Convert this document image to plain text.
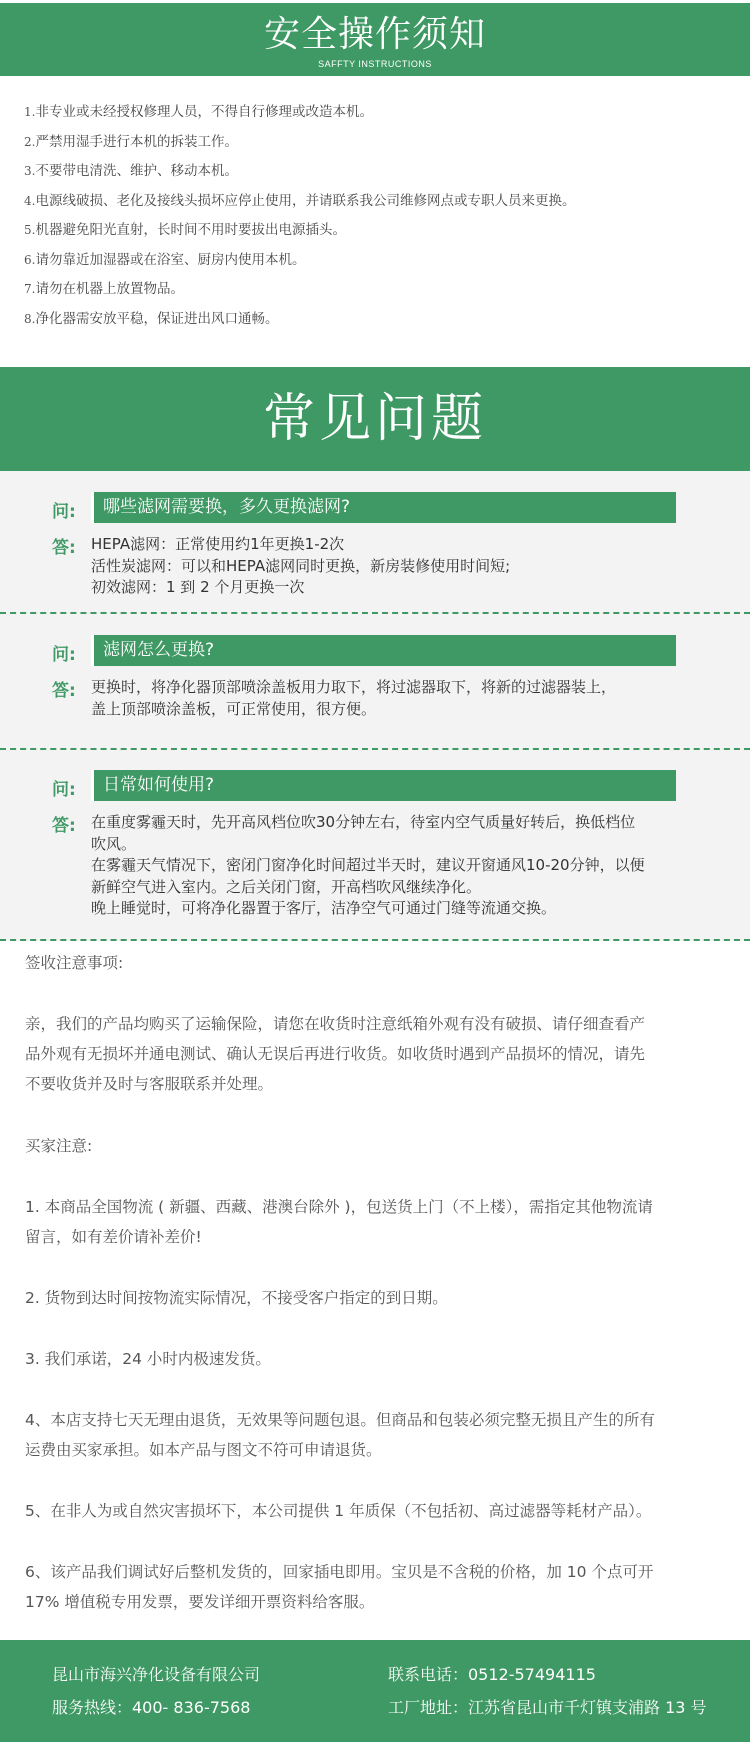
安全操作须知
SAFFTY INSTRUCTIONS
1.非专业或未经授权修理人员，不得自行修理或改造本机。
2.严禁用湿手进行本机的拆装工作。
3.不要带电清洗、维护、移动本机。
4.电源线破损、老化及接线头损坏应停止使用，并请联系我公司维修网点或专职人员来更换。
5.机器避免阳光直射，长时间不用时要拔出电源插头。
6.请勿靠近加湿器或在浴室、厨房内使用本机。
7.请勿在机器上放置物品。
8.净化器需安放平稳，保证进出风口通畅。
常见问题
问:	哪些滤网需要换，多久更换滤网?
答: HEPA滤网：正常使用约1年更换1-2次

活性炭滤网：可以和HEPA滤网同时更换，新房装修使用时间短;

初效滤网：1 到 2 个月更换一次

问:	滤网怎么更换?
答: 更换时，将净化器顶部喷涂盖板用力取下，将过滤器取下，将新的过滤器装上，

盖上顶部喷涂盖板，可正常使用，很方便。

问:	日常如何使用?
答: 在重度雾霾天时，先开高风档位吹30分钟左右，待室内空气质量好转后，换低档位

吹风。

在雾霾天气情况下，密闭门窗净化时间超过半天时，建议开窗通风10-20分钟，以便

新鲜空气进入室内。之后关闭门窗，开高档吹风继续净化。

晚上睡觉时，可将净化器置于客厅，洁净空气可通过门缝等流通交换。

签收注意事项:

亲，我们的产品均购买了运输保险，请您在收货时注意纸箱外观有没有破损、请仔细查看产

品外观有无损坏并通电测试、确认无误后再进行收货。如收货时遇到产品损坏的情况，请先

不要收货并及时与客服联系并处理。

买家注意:

1. 本商品全国物流 ( 新疆、西藏、港澳台除外 )，包送货上门（不上楼），需指定其他物流请

留言，如有差价请补差价!

2. 货物到达时间按物流实际情况，不接受客户指定的到日期。

3. 我们承诺，24 小时内极速发货。

4、本店支持七天无理由退货，无效果等问题包退。但商品和包装必须完整无损且产生的所有

运费由买家承担。如本产品与图文不符可申请退货。

5、在非人为或自然灾害损坏下，本公司提供 1 年质保（不包括初、高过滤器等耗材产品）。

6、该产品我们调试好后整机发货的，回家插电即用。宝贝是不含税的价格，加 10 个点可开

17% 增值税专用发票，要发详细开票资料给客服。

昆山市海兴净化设备有限公司
服务热线：400- 836-7568
联系电话：0512-57494115
工厂地址：江苏省昆山市千灯镇支浦路 13 号
